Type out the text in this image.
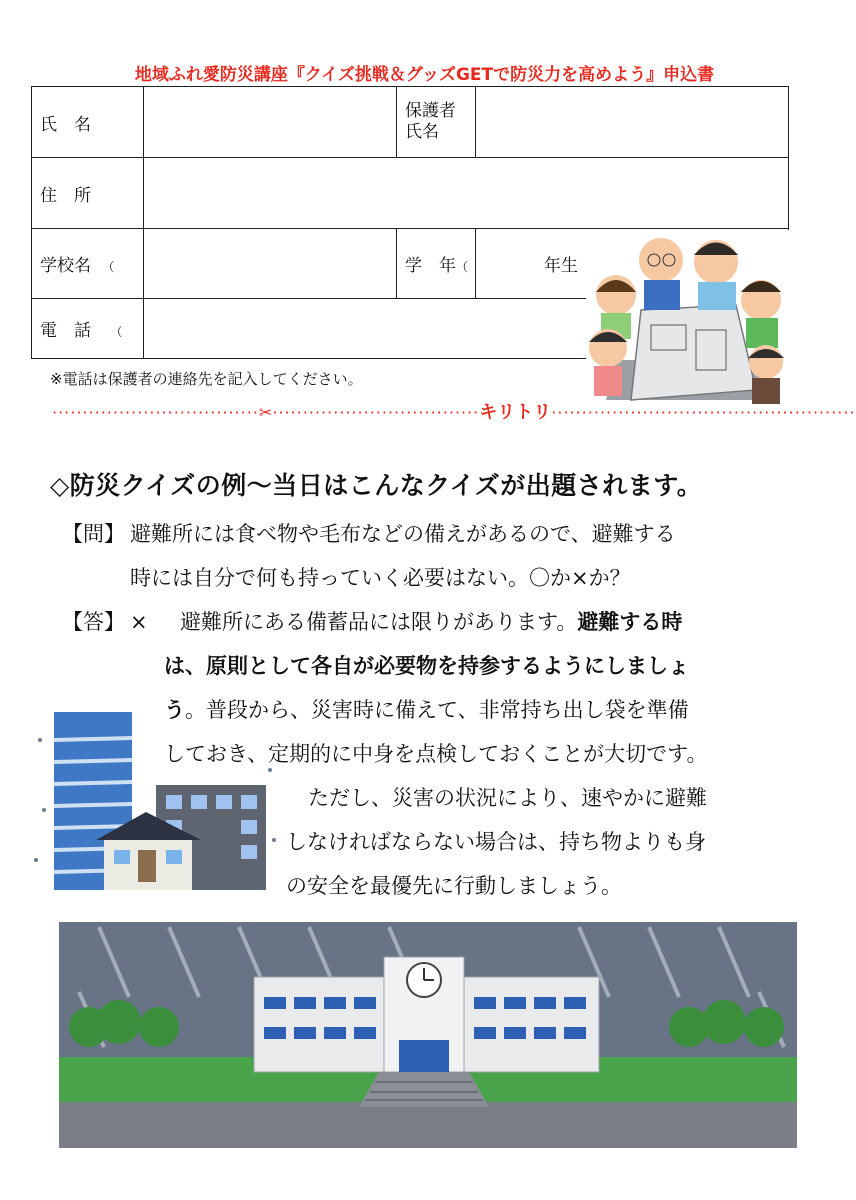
地域ふれ愛防災講座『クイズ挑戦＆グッズGETで防災力を高めよう』申込書
氏　名		保護者
氏名	
住　所			
学校名 （		学　年（	年生
電　話 （			
※電話は保護者の連絡先を記入してください。
··································✂··································キリトリ··················································
◇防災クイズの例～当日はこんなクイズが出題されます。
【問】 避難所には食べ物や毛布などの備えがあるので、避難する
時には自分で何も持っていく必要はない。〇か×か？
【答】 × 避難所にある備蓄品には限りがあります。避難する時
は、原則として各自が必要物を持参するようにしましょ
う。普段から、災害時に備えて、非常持ち出し袋を準備
しておき、定期的に中身を点検しておくことが大切です。
ただし、災害の状況により、速やかに避難
しなければならない場合は、持ち物よりも身
の安全を最優先に行動しましょう。
